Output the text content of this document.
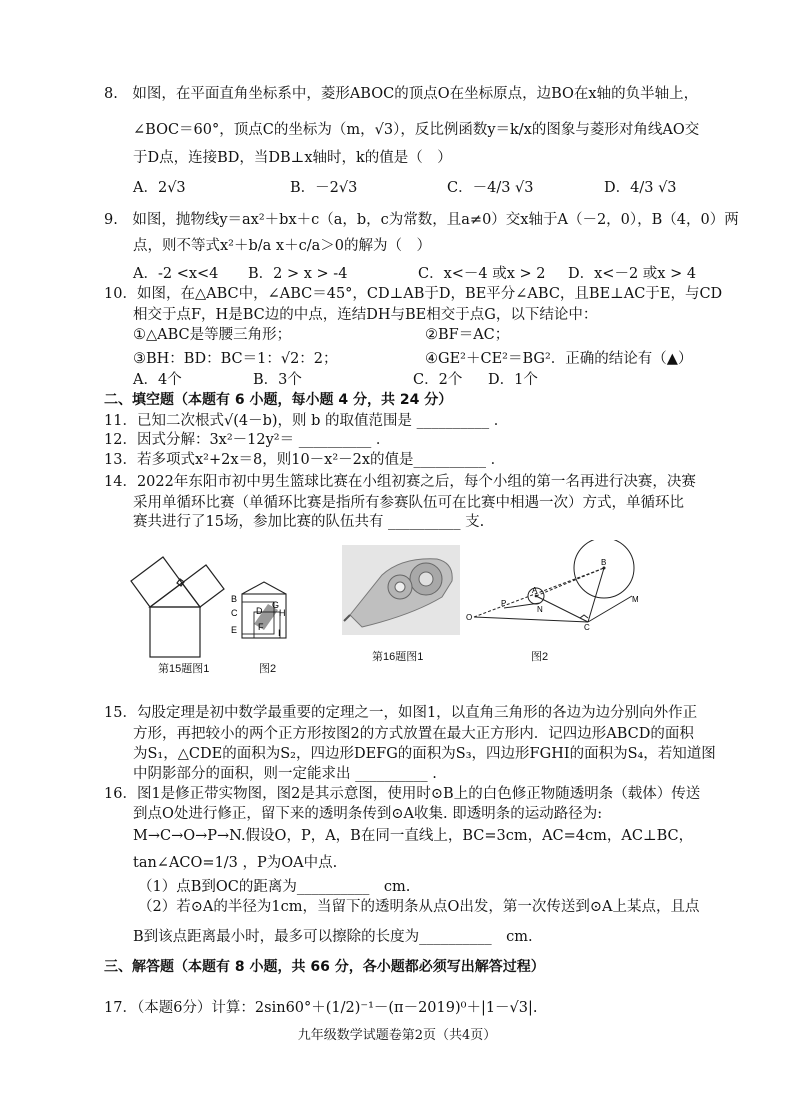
8.　如图，在平面直角坐标系中，菱形ABOC的顶点O在坐标原点，边BO在x轴的负半轴上，
∠BOC＝60°，顶点C的坐标为（m，√3），反比例函数y＝k/x的图象与菱形对角线AO交
于D点，连接BD，当DB⊥x轴时，k的值是（　）
A．2√3	B．－2√3	C．－4/3 √3	D．4/3 √3
9.　如图，抛物线y＝ax²＋bx＋c（a，b，c为常数，且a≠0）交x轴于A（－2，0），B（4，0）两
点，则不等式x²＋b/a x＋c/a＞0的解为（　）
A．-2 <x<4 B．2 > x > -4	C．x<－4 或x > 2 D．x<－2 或x > 4
10．如图，在△ABC中，∠ABC＝45°，CD⊥AB于D，BE平分∠ABC，且BE⊥AC于E，与CD
相交于点F，H是BC边的中点，连结DH与BE相交于点G，以下结论中：
①△ABC是等腰三角形；	②BF＝AC；
③BH：BD：BC＝1：√2：2；	④GE²＋CE²＝BG²．正确的结论有（▲）
A．4个	B．3个	C．2个 D．1个
二、填空题（本题有 6 小题，每小题 4 分，共 24 分）
11．已知二次根式√(4－b)，则 b 的取值范围是 __________ ．
12．因式分解：3x²－12y²＝ __________ ．
13．若多项式x²+2x＝8，则10－x²－2x的值是__________ ．
14．2022年东阳市初中男生篮球比赛在小组初赛之后，每个小组的第一名再进行决赛，决赛
采用单循环比赛（单循环比赛是指所有参赛队伍可在比赛中相遇一次）方式，单循环比
赛共进行了15场，参加比赛的队伍共有 __________ 支.
第15题图1
B
C D
E F
G
H
I
图2
第16题图1
A
B
P
N
O
C
M
图2
15．勾股定理是初中数学最重要的定理之一，如图1，以直角三角形的各边为边分别向外作正
方形，再把较小的两个正方形按图2的方式放置在最大正方形内．记四边形ABCD的面积
为S₁，△CDE的面积为S₂，四边形DEFG的面积为S₃，四边形FGHI的面积为S₄，若知道图
中阴影部分的面积，则一定能求出 __________ .
16．图1是修正带实物图，图2是其示意图，使用时⊙B上的白色修正物随透明条（载体）传送
到点O处进行修正，留下来的透明条传到⊙A收集. 即透明条的运动路径为:
M→C→O→P→N.假设O，P，A，B在同一直线上，BC=3cm，AC=4cm，AC⊥BC，
tan∠ACO=1/3 ，P为OA中点.
（1）点B到OC的距离为__________　cm.
（2）若⊙A的半径为1cm，当留下的透明条从点O出发，第一次传送到⊙A上某点，且点
B到该点距离最小时，最多可以擦除的长度为__________　cm.
三、解答题（本题有 8 小题，共 66 分，各小题都必须写出解答过程）
17．（本题6分）计算：2sin60°＋(1/2)⁻¹－(π－2019)⁰＋|1－√3|.
九年级数学试题卷第2页（共4页）
